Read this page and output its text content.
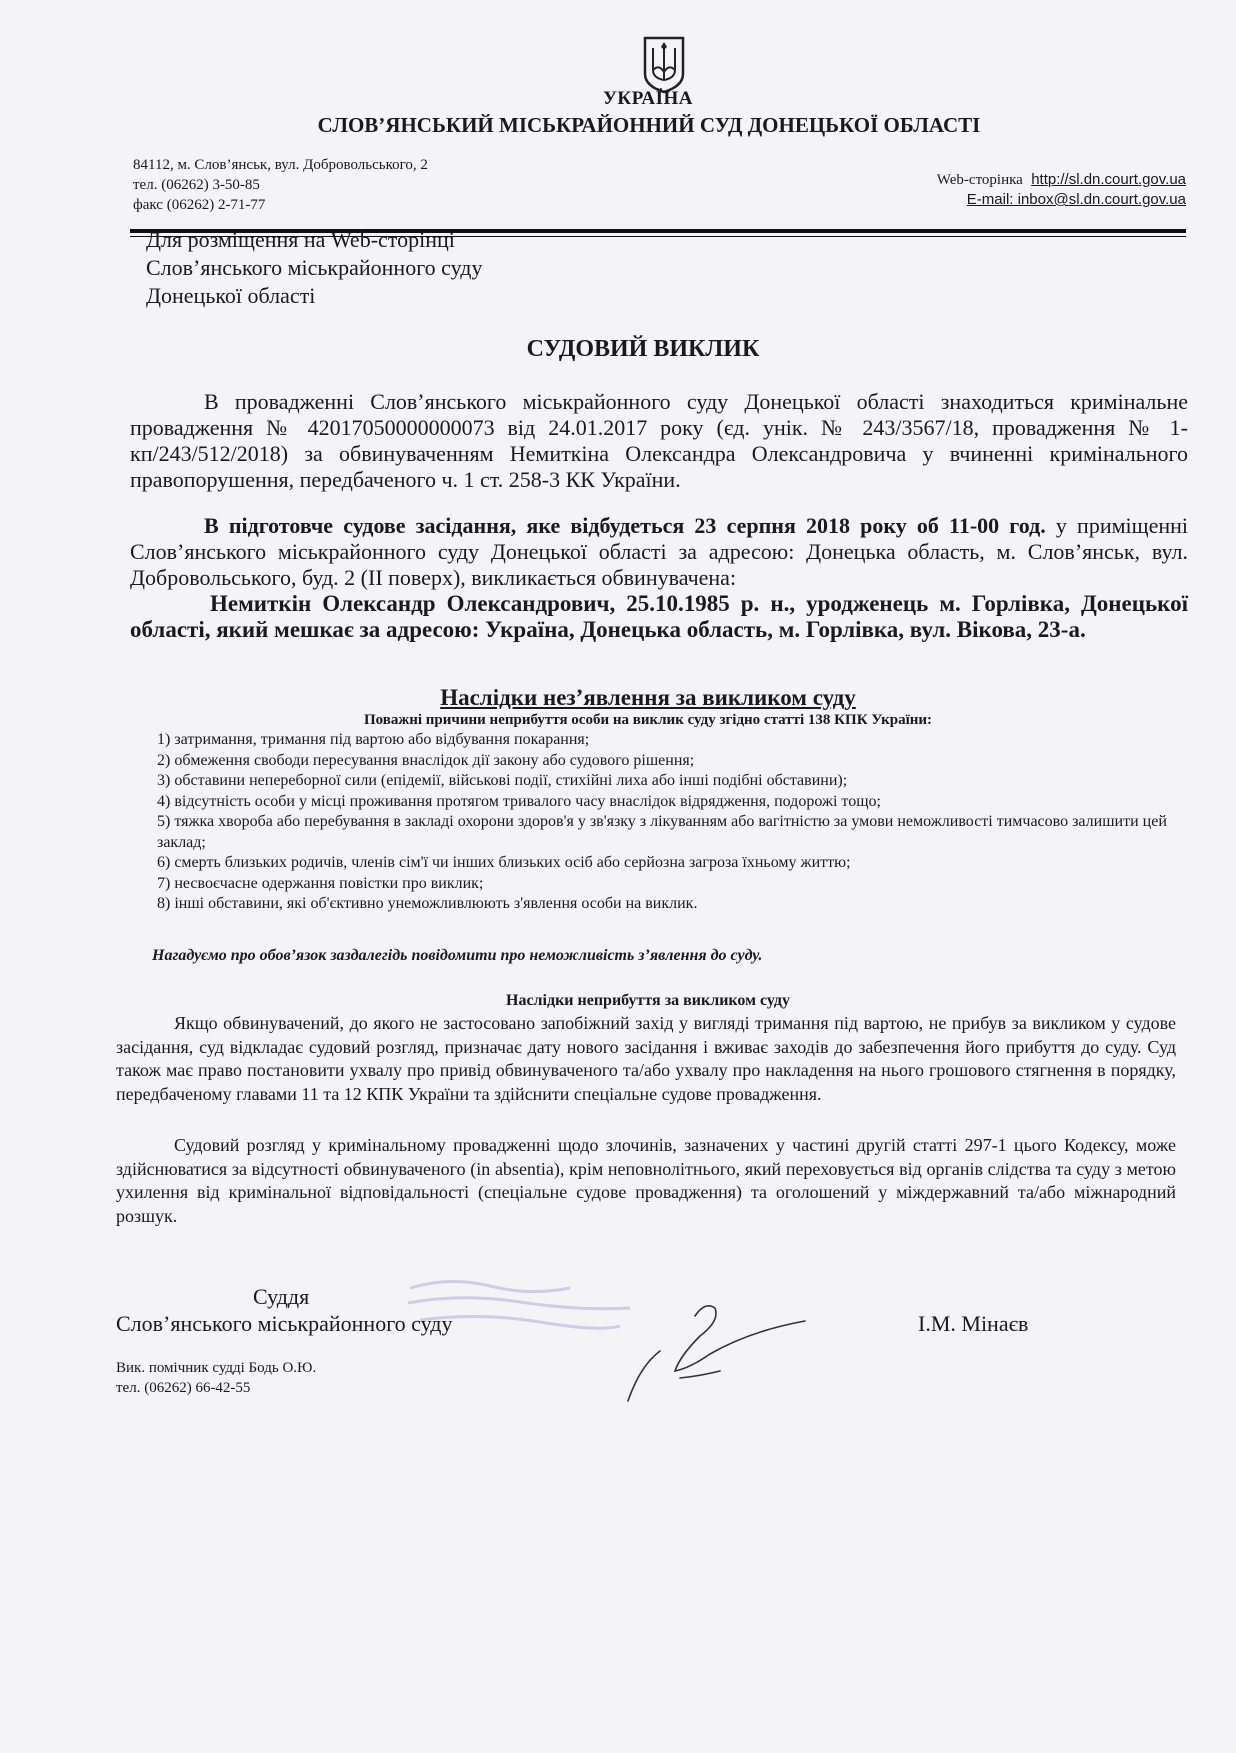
УКРАЇНА
СЛОВ’ЯНСЬКИЙ МІСЬКРАЙОННИЙ СУД ДОНЕЦЬКОЇ ОБЛАСТІ
84112, м. Слов’янськ, вул. Добровольського, 2
тел. (06262) 3-50-85
факс (06262) 2-71-77
Web-сторінка http://sl.dn.court.gov.ua
E-mail: inbox@sl.dn.court.gov.ua
Для розміщення на Web-сторінці
Слов’янського міськрайонного суду
Донецької області
СУДОВИЙ ВИКЛИК
В провадженні Слов’янського міськрайонного суду Донецької області знаходиться кримінальне провадження № 42017050000000073 від 24.01.2017 року (єд. унік. № 243/3567/18, провадження № 1-кп/243/512/2018) за обвинуваченням Немиткіна Олександра Олександровича у вчиненні кримінального правопорушення, передбаченого ч. 1 ст. 258-3 КК України.
В підготовче судове засідання, яке відбудеться 23 серпня 2018 року об 11-00 год. у приміщенні Слов’янського міськрайонного суду Донецької області за адресою: Донецька область, м. Слов’янськ, вул. Добровольського, буд. 2 (ІІ поверх), викликається обвинувачена:
Немиткін Олександр Олександрович, 25.10.1985 р. н., уродженець м. Горлівка, Донецької області, який мешкає за адресою: Україна, Донецька область, м. Горлівка, вул. Вікова, 23-а.
Наслідки нез’явлення за викликом суду
Поважні причини неприбуття особи на виклик суду згідно статті 138 КПК України:
1) затримання, тримання під вартою або відбування покарання;
2) обмеження свободи пересування внаслідок дії закону або судового рішення;
3) обставини непереборної сили (епідемії, військові події, стихійні лиха або інші подібні обставини);
4) відсутність особи у місці проживання протягом тривалого часу внаслідок відрядження, подорожі тощо;
5) тяжка хвороба або перебування в закладі охорони здоров'я у зв'язку з лікуванням або вагітністю за умови неможливості тимчасово залишити цей заклад;
6) смерть близьких родичів, членів сім'ї чи інших близьких осіб або серйозна загроза їхньому життю;
7) несвоєчасне одержання повістки про виклик;
8) інші обставини, які об'єктивно унеможливлюють з'явлення особи на виклик.
Нагадуємо про обов’язок заздалегідь повідомити про неможливість з’явлення до суду.
Наслідки неприбуття за викликом суду
Якщо обвинувачений, до якого не застосовано запобіжний захід у вигляді тримання під вартою, не прибув за викликом у судове засідання, суд відкладає судовий розгляд, призначає дату нового засідання і вживає заходів до забезпечення його прибуття до суду. Суд також має право постановити ухвалу про привід обвинуваченого та/або ухвалу про накладення на нього грошового стягнення в порядку, передбаченому главами 11 та 12 КПК України та здійснити спеціальне судове провадження.
Судовий розгляд у кримінальному провадженні щодо злочинів, зазначених у частині другій статті 297-1 цього Кодексу, може здійснюватися за відсутності обвинуваченого (in absentia), крім неповнолітнього, який переховується від органів слідства та суду з метою ухилення від кримінальної відповідальності (спеціальне судове провадження) та оголошений у міждержавний та/або міжнародний розшук.
Суддя
Слов’янського міськрайонного суду	І.М. Мінаєв
Вик. помічник судді Бодь О.Ю.
тел. (06262) 66-42-55
